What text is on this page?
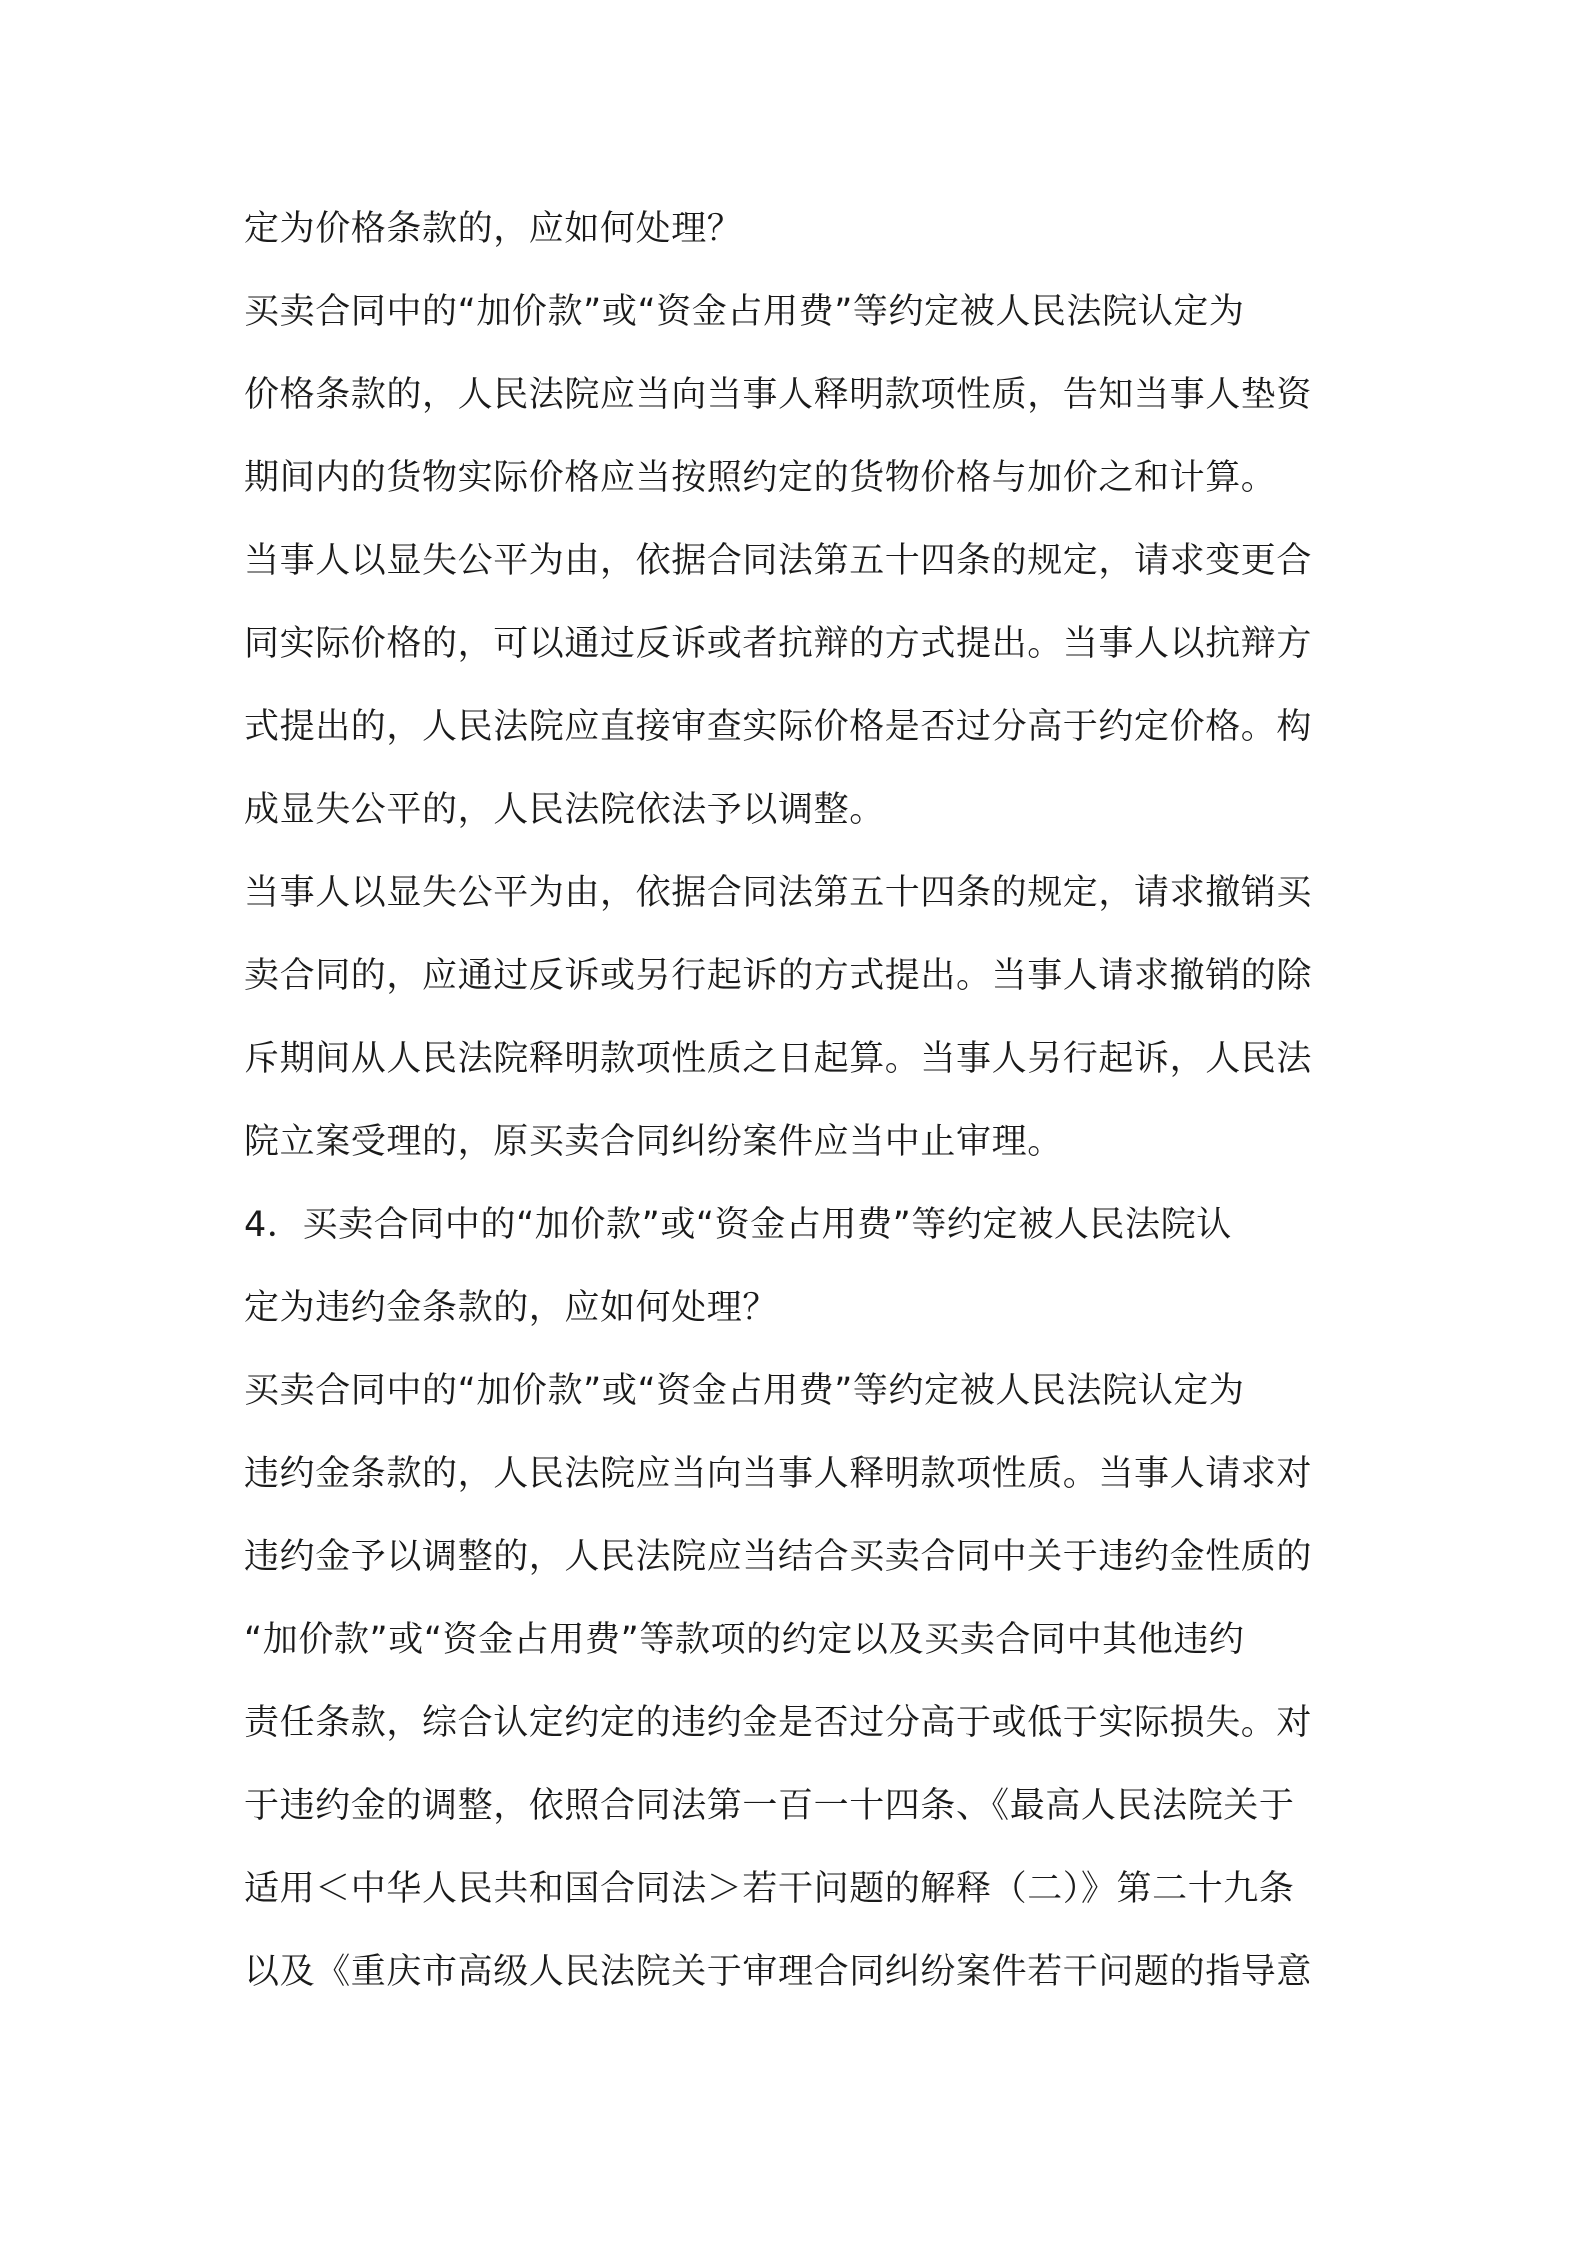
定为价格条款的，应如何处理？
买卖合同中的“加价款”或“资金占用费”等约定被人民法院认定为
价格条款的，人民法院应当向当事人释明款项性质，告知当事人垫资
期间内的货物实际价格应当按照约定的货物价格与加价之和计算。
当事人以显失公平为由，依据合同法第五十四条的规定，请求变更合
同实际价格的，可以通过反诉或者抗辩的方式提出。当事人以抗辩方
式提出的，人民法院应直接审查实际价格是否过分高于约定价格。构
成显失公平的，人民法院依法予以调整。
当事人以显失公平为由，依据合同法第五十四条的规定，请求撤销买
卖合同的，应通过反诉或另行起诉的方式提出。当事人请求撤销的除
斥期间从人民法院释明款项性质之日起算。当事人另行起诉，人民法
院立案受理的，原买卖合同纠纷案件应当中止审理。
4．买卖合同中的“加价款”或“资金占用费”等约定被人民法院认
定为违约金条款的，应如何处理？
买卖合同中的“加价款”或“资金占用费”等约定被人民法院认定为
违约金条款的，人民法院应当向当事人释明款项性质。当事人请求对
违约金予以调整的，人民法院应当结合买卖合同中关于违约金性质的
“加价款”或“资金占用费”等款项的约定以及买卖合同中其他违约
责任条款，综合认定约定的违约金是否过分高于或低于实际损失。对
于违约金的调整，依照合同法第一百一十四条、《最高人民法院关于
适用＜中华人民共和国合同法＞若干问题的解释（二）》第二十九条
以及《重庆市高级人民法院关于审理合同纠纷案件若干问题的指导意
